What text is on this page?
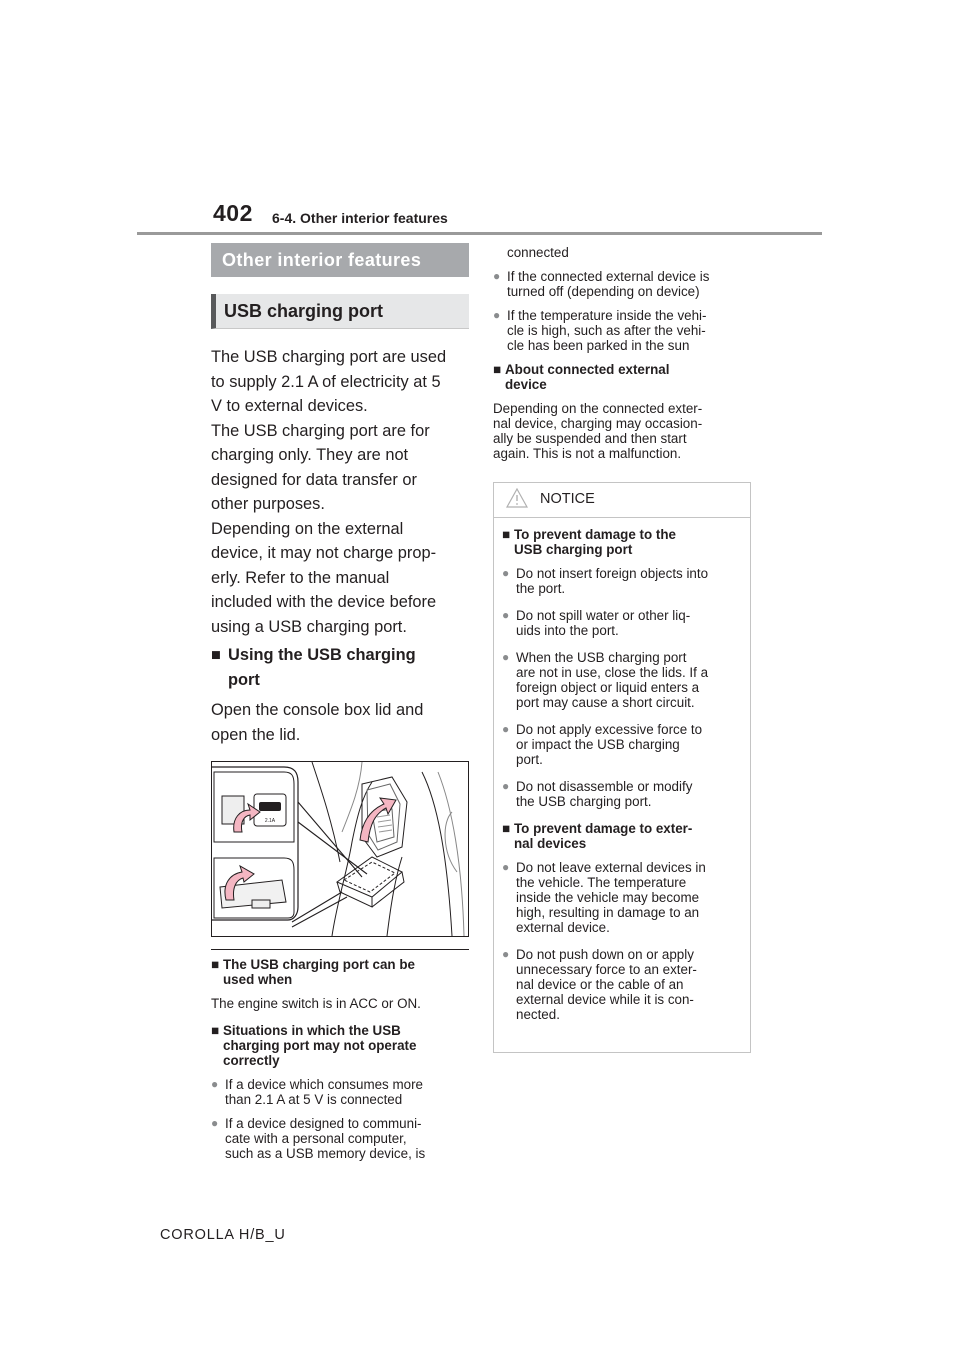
402 6-4. Other interior features
Other interior features
USB charging port

The USB charging port are used

to supply 2.1 A of electricity at 5

V to external devices.

The USB charging port are for

charging only. They are not

designed for data transfer or

other purposes.

Depending on the external

device, it may not charge prop-

erly. Refer to the manual

included with the device before

using a USB charging port.

■ Using the USB charging
port

Open the console box lid and

open the lid.

2.1A
■ The USB charging port can be
used when
The engine switch is in ACC or ON.
■ Situations in which the USB
charging port may not operate
correctly
● If a device which consumes more
than 2.1 A at 5 V is connected
● If a device designed to communi-
cate with a personal computer,
such as a USB memory device, is
connected
● If the connected external device is
turned off (depending on device)
● If the temperature inside the vehi-
cle is high, such as after the vehi-
cle has been parked in the sun
■ About connected external
device
Depending on the connected exter-
nal device, charging may occasion-
ally be suspended and then start
again. This is not a malfunction.
NOTICE
■ To prevent damage to the
USB charging port
● Do not insert foreign objects into
the port.
● Do not spill water or other liq-
uids into the port.
● When the USB charging port
are not in use, close the lids. If a
foreign object or liquid enters a
port may cause a short circuit.
● Do not apply excessive force to
or impact the USB charging
port.
● Do not disassemble or modify
the USB charging port.
■ To prevent damage to exter-
nal devices
● Do not leave external devices in
the vehicle. The temperature
inside the vehicle may become
high, resulting in damage to an
external device.
● Do not push down on or apply
unnecessary force to an exter-
nal device or the cable of an
external device while it is con-
nected.
COROLLA H/B_U
